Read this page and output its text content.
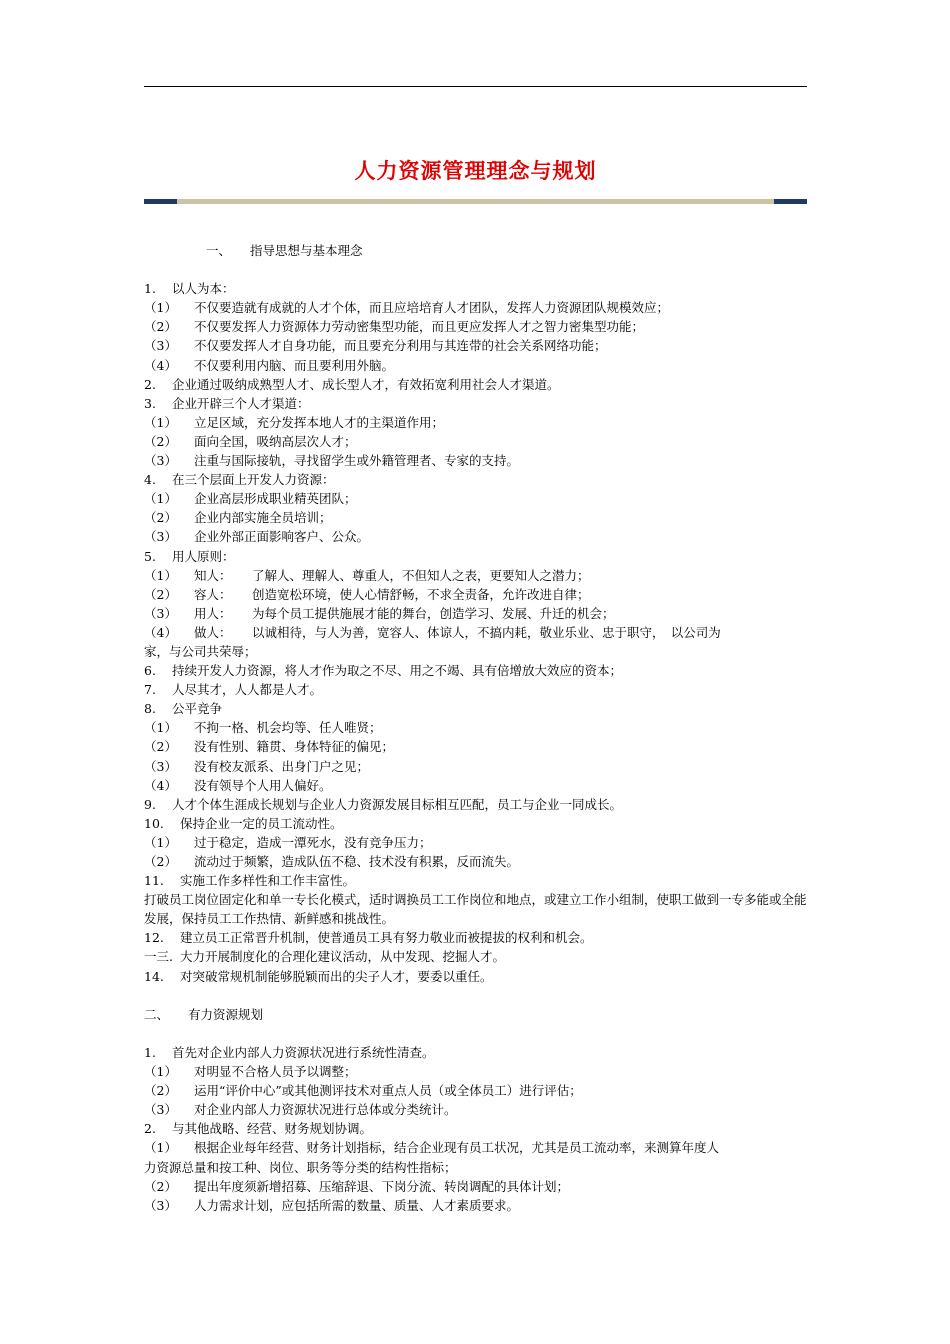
人力资源管理理念与规划
一、 指导思想与基本理念
1. 以人为本：
（1） 不仅要造就有成就的人才个体，而且应培培育人才团队，发挥人力资源团队规模效应；
（2） 不仅要发挥人力资源体力劳动密集型功能，而且更应发挥人才之智力密集型功能；
（3） 不仅要发挥人才自身功能，而且要充分利用与其连带的社会关系网络功能；
（4） 不仅要利用内脑、而且要利用外脑。
2. 企业通过吸纳成熟型人才、成长型人才，有效拓宽利用社会人才渠道。
3. 企业开辟三个人才渠道：
（1） 立足区域，充分发挥本地人才的主渠道作用；
（2） 面向全国，吸纳高层次人才；
（3） 注重与国际接轨，寻找留学生或外籍管理者、专家的支持。
4. 在三个层面上开发人力资源：
（1） 企业高层形成职业精英团队；
（2） 企业内部实施全员培训；
（3） 企业外部正面影响客户、公众。
5. 用人原则：
（1） 知人： 了解人、理解人、尊重人，不但知人之表，更要知人之潜力；
（2） 容人： 创造宽松环境，使人心情舒畅，不求全责备，允许改进自律；
（3） 用人： 为每个员工提供施展才能的舞台，创造学习、发展、升迁的机会；
（4） 做人： 以诚相待，与人为善，宽容人、体谅人，不搞内耗，敬业乐业、忠于职守，　以公司为
家，与公司共荣辱；
6. 持续开发人力资源，将人才作为取之不尽、用之不竭、具有倍增放大效应的资本；
7. 人尽其才，人人都是人才。
8. 公平竞争
（1） 不拘一格、机会均等、任人唯贤；
（2） 没有性别、籍贯、身体特征的偏见；
（3） 没有校友派系、出身门户之见；
（4） 没有领导个人用人偏好。
9. 人才个体生涯成长规划与企业人力资源发展目标相互匹配，员工与企业一同成长。
10. 保持企业一定的员工流动性。
（1） 过于稳定，造成一潭死水，没有竞争压力；
（2） 流动过于频繁，造成队伍不稳、技术没有积累，反而流失。
11. 实施工作多样性和工作丰富性。
打破员工岗位固定化和单一专长化模式，适时调换员工工作岗位和地点，或建立工作小组制，使职工做到一专多能或全能发展，保持员工工作热情、新鲜感和挑战性。
12. 建立员工正常晋升机制，使普通员工具有努力敬业而被提拔的权利和机会。
一三. 大力开展制度化的合理化建议活动，从中发现、挖掘人才。
14. 对突破常规机制能够脱颖而出的尖子人才，要委以重任。
二、 有力资源规划
1. 首先对企业内部人力资源状况进行系统性清查。
（1） 对明显不合格人员予以调整；
（2） 运用“评价中心”或其他测评技术对重点人员（或全体员工）进行评估；
（3） 对企业内部人力资源状况进行总体或分类统计。
2. 与其他战略、经营、财务规划协调。
（1） 根据企业每年经营、财务计划指标，结合企业现有员工状况，尤其是员工流动率，来测算年度人
力资源总量和按工种、岗位、职务等分类的结构性指标；
（2） 提出年度须新增招募、压缩辞退、下岗分流、转岗调配的具体计划；
（3） 人力需求计划，应包括所需的数量、质量、人才素质要求。
